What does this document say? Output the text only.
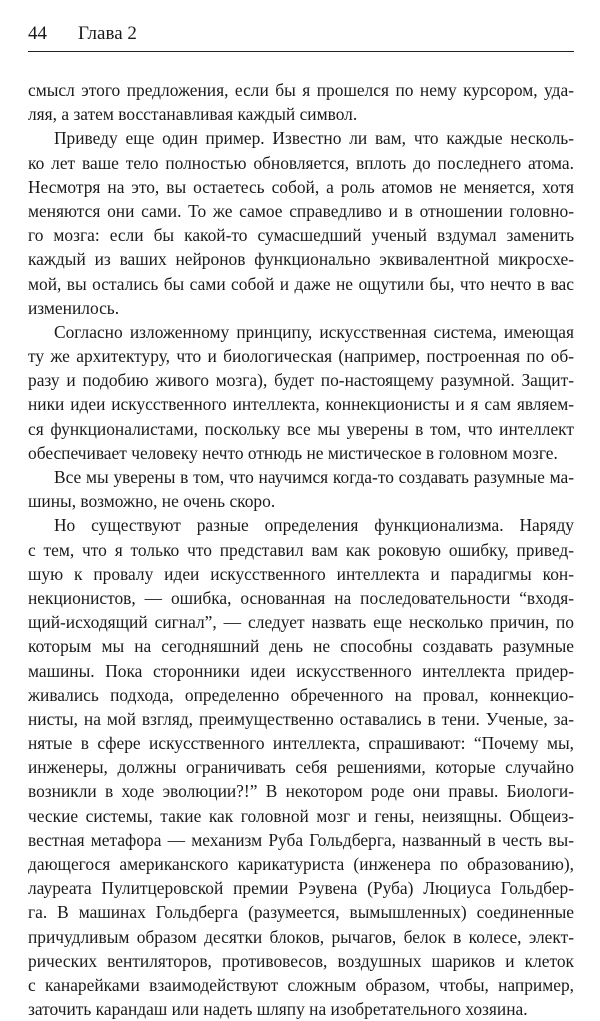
44 Глава 2
смысл этого предложения, если бы я прошелся по нему курсором, уда-
ляя, а затем восстанавливая каждый символ.
Приведу еще один пример. Известно ли вам, что каждые несколь-
ко лет ваше тело полностью обновляется, вплоть до последнего атома.
Несмотря на это, вы остаетесь собой, а роль атомов не меняется, хотя
меняются они сами. То же самое справедливо и в отношении головно-
го мозга: если бы какой-то сумасшедший ученый вздумал заменить
каждый из ваших нейронов функционально эквивалентной микросхе-
мой, вы остались бы сами собой и даже не ощутили бы, что нечто в вас
изменилось.
Согласно изложенному принципу, искусственная система, имеющая
ту же архитектуру, что и биологическая (например, построенная по об-
разу и подобию живого мозга), будет по-настоящему разумной. Защит-
ники идеи искусственного интеллекта, коннекционисты и я сам являем-
ся функционалистами, поскольку все мы уверены в том, что интеллект
обеспечивает человеку нечто отнюдь не мистическое в головном мозге.
Все мы уверены в том, что научимся когда-то создавать разумные ма-
шины, возможно, не очень скоро.
Но существуют разные определения функционализма. Наряду
с тем, что я только что представил вам как роковую ошибку, привед-
шую к провалу идеи искусственного интеллекта и парадигмы кон-
некционистов, — ошибка, основанная на последовательности “входя-
щий-исходящий сигнал”, — следует назвать еще несколько причин, по
которым мы на сегодняшний день не способны создавать разумные
машины. Пока сторонники идеи искусственного интеллекта придер-
живались подхода, определенно обреченного на провал, коннекцио-
нисты, на мой взгляд, преимущественно оставались в тени. Ученые, за-
нятые в сфере искусственного интеллекта, спрашивают: “Почему мы,
инженеры, должны ограничивать себя решениями, которые случайно
возникли в ходе эволюции?!” В некотором роде они правы. Биологи-
ческие системы, такие как головной мозг и гены, неизящны. Общеиз-
вестная метафора — механизм Руба Гольдберга, названный в честь вы-
дающегося американского карикатуриста (инженера по образованию),
лауреата Пулитцеровской премии Рэувена (Руба) Люциуса Гольдбер-
га. В машинах Гольдберга (разумеется, вымышленных) соединенные
причудливым образом десятки блоков, рычагов, белок в колесе, элект-
рических вентиляторов, противовесов, воздушных шариков и клеток
с канарейками взаимодействуют сложным образом, чтобы, например,
заточить карандаш или надеть шляпу на изобретательного хозяина.
